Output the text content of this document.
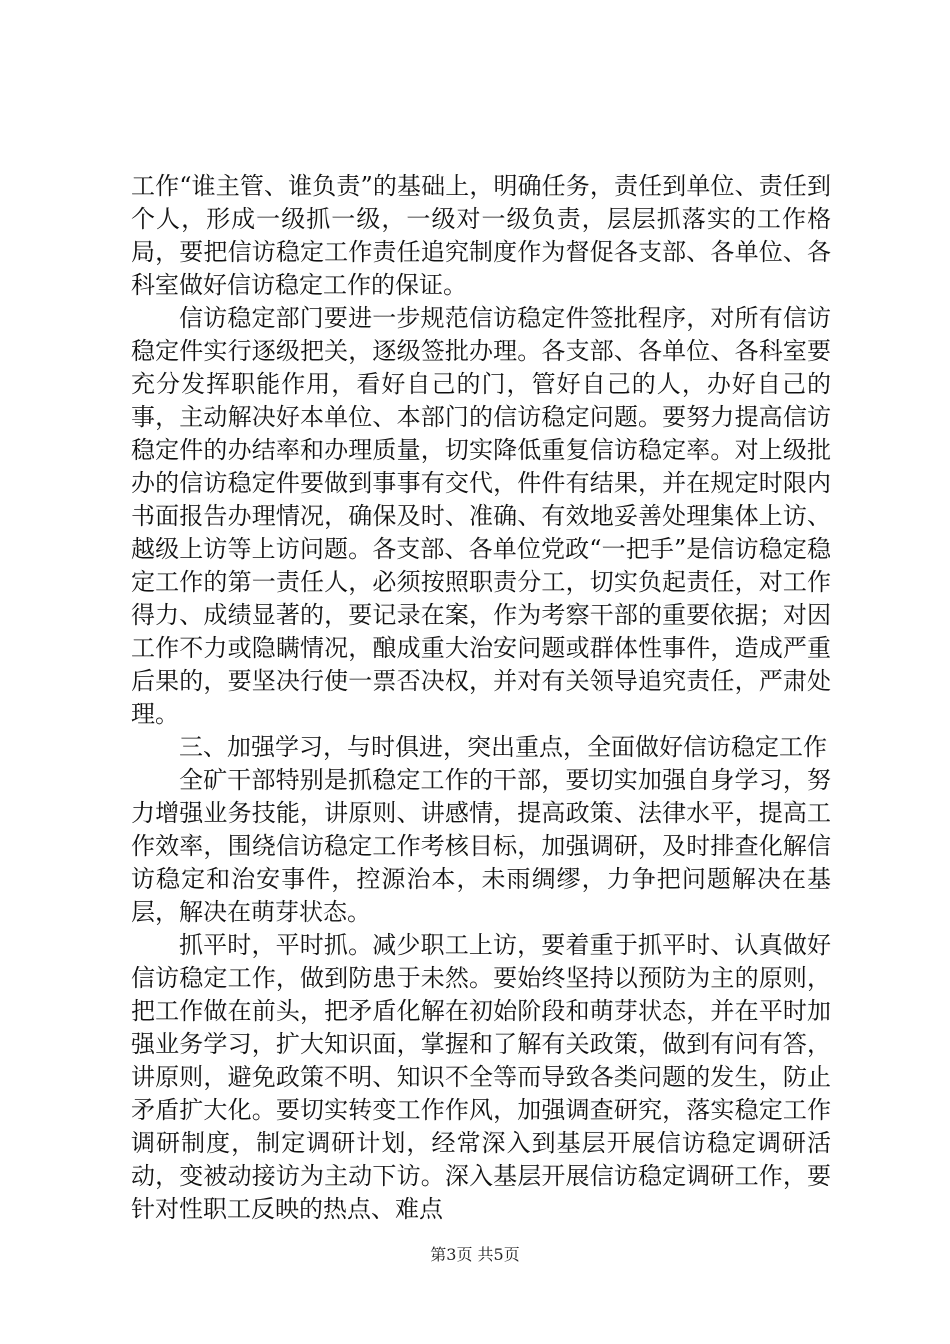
工作“谁主管、谁负责”的基础上，明确任务，责任到单位、责任到个人，形成一级抓一级，一级对一级负责，层层抓落实的工作格局，要把信访稳定工作责任追究制度作为督促各支部、各单位、各科室做好信访稳定工作的保证。

信访稳定部门要进一步规范信访稳定件签批程序，对所有信访稳定件实行逐级把关，逐级签批办理。各支部、各单位、各科室要充分发挥职能作用，看好自己的门，管好自己的人，办好自己的事，主动解决好本单位、本部门的信访稳定问题。要努力提高信访稳定件的办结率和办理质量，切实降低重复信访稳定率。对上级批办的信访稳定件要做到事事有交代，件件有结果，并在规定时限内书面报告办理情况，确保及时、准确、有效地妥善处理集体上访、越级上访等上访问题。各支部、各单位党政“一把手”是信访稳定稳定工作的第一责任人，必须按照职责分工，切实负起责任，对工作得力、成绩显著的，要记录在案，作为考察干部的重要依据；对因工作不力或隐瞒情况，酿成重大治安问题或群体性事件，造成严重后果的，要坚决行使一票否决权，并对有关领导追究责任，严肃处理。

三、加强学习，与时俱进，突出重点，全面做好信访稳定工作

全矿干部特别是抓稳定工作的干部，要切实加强自身学习，努力增强业务技能，讲原则、讲感情，提高政策、法律水平，提高工作效率，围绕信访稳定工作考核目标，加强调研，及时排查化解信访稳定和治安事件，控源治本，未雨绸缪，力争把问题解决在基层，解决在萌芽状态。

抓平时，平时抓。减少职工上访，要着重于抓平时、认真做好信访稳定工作，做到防患于未然。要始终坚持以预防为主的原则，把工作做在前头，把矛盾化解在初始阶段和萌芽状态，并在平时加强业务学习，扩大知识面，掌握和了解有关政策，做到有问有答，讲原则，避免政策不明、知识不全等而导致各类问题的发生，防止矛盾扩大化。要切实转变工作作风，加强调查研究，落实稳定工作调研制度，制定调研计划，经常深入到基层开展信访稳定调研活动，变被动接访为主动下访。深入基层开展信访稳定调研工作，要针对性职工反映的热点、难点

第3页 共5页
